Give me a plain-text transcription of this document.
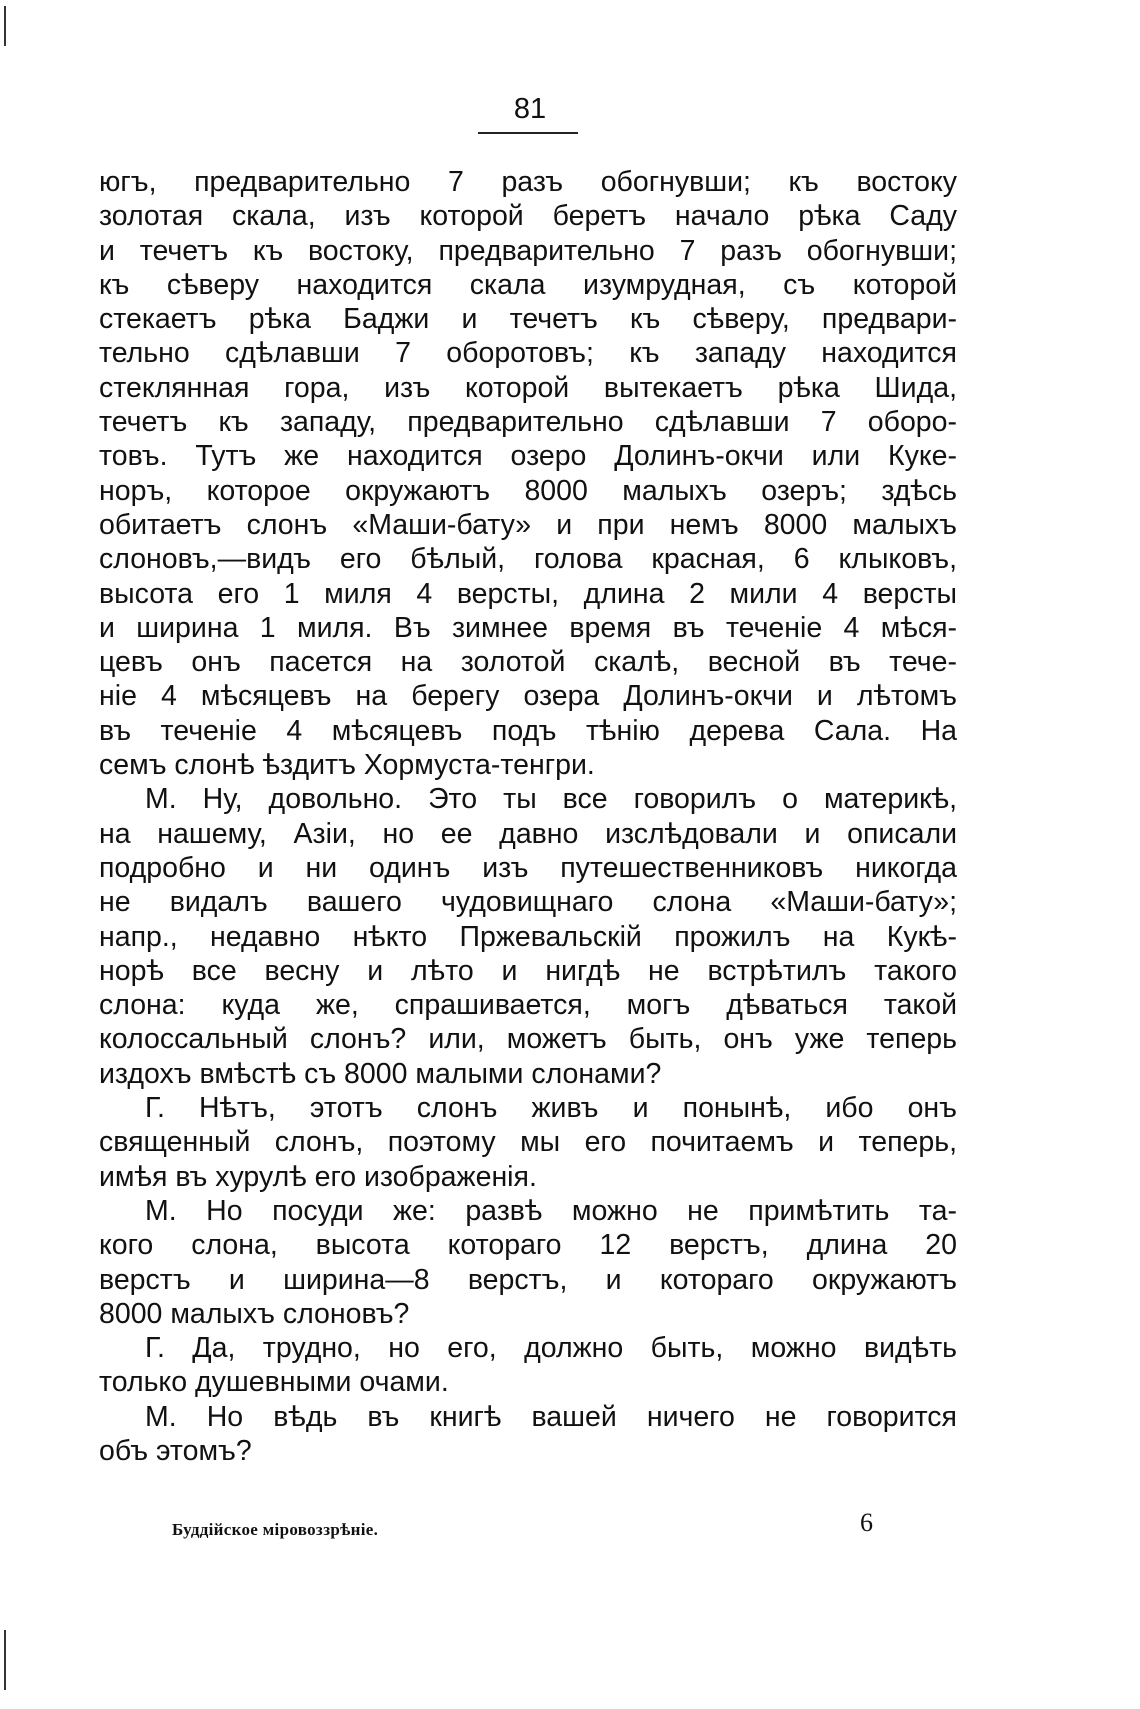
81
югъ, предварительно 7 разъ обогнувши; къ востоку
золотая скала, изъ которой беретъ начало рѣка Саду
и течетъ къ востоку, предварительно 7 разъ обогнувши;
къ сѣверу находится скала изумрудная, съ которой
стекаетъ рѣка Баджи и течетъ къ сѣверу, предвари-
тельно сдѣлавши 7 оборотовъ; къ западу находится
стеклянная гора, изъ которой вытекаетъ рѣка Шида,
течетъ къ западу, предварительно сдѣлавши 7 оборо-
товъ. Тутъ же находится озеро Долинъ-окчи или Куке-
норъ, которое окружаютъ 8000 малыхъ озеръ; здѣсь
обитаетъ слонъ «Маши-бату» и при немъ 8000 малыхъ
слоновъ,—видъ его бѣлый, голова красная, 6 клыковъ,
высота его 1 миля 4 версты, длина 2 мили 4 версты
и ширина 1 миля. Въ зимнее время въ теченіе 4 мѣся-
цевъ онъ пасется на золотой скалѣ, весной въ тече-
ніе 4 мѣсяцевъ на берегу озера Долинъ-окчи и лѣтомъ
въ теченіе 4 мѣсяцевъ подъ тѣнію дерева Сала. На
семъ слонѣ ѣздитъ Хормуста-тенгри.
М. Ну, довольно. Это ты все говорилъ о материкѣ,
на нашему, Азіи, но ее давно изслѣдовали и описали
подробно и ни одинъ изъ путешественниковъ никогда
не видалъ вашего чудовищнаго слона «Маши-бату»;
напр., недавно нѣкто Пржевальскій прожилъ на Кукѣ-
норѣ все весну и лѣто и нигдѣ не встрѣтилъ такого
слона: куда же, спрашивается, могъ дѣваться такой
колоссальный слонъ? или, можетъ быть, онъ уже теперь
издохъ вмѣстѣ съ 8000 малыми слонами?
Г. Нѣтъ, этотъ слонъ живъ и понынѣ, ибо онъ
священный слонъ, поэтому мы его почитаемъ и теперь,
имѣя въ хурулѣ его изображенія.
М. Но посуди же: развѣ можно не примѣтить та-
кого слона, высота котораго 12 верстъ, длина 20
верстъ и ширина—8 верстъ, и котораго окружаютъ
8000 малыхъ слоновъ?
Г. Да, трудно, но его, должно быть, можно видѣть
только душевными очами.
М. Но вѣдь въ книгѣ вашей ничего не говорится
объ этомъ?
Буддійское міровоззрѣніе.	6
